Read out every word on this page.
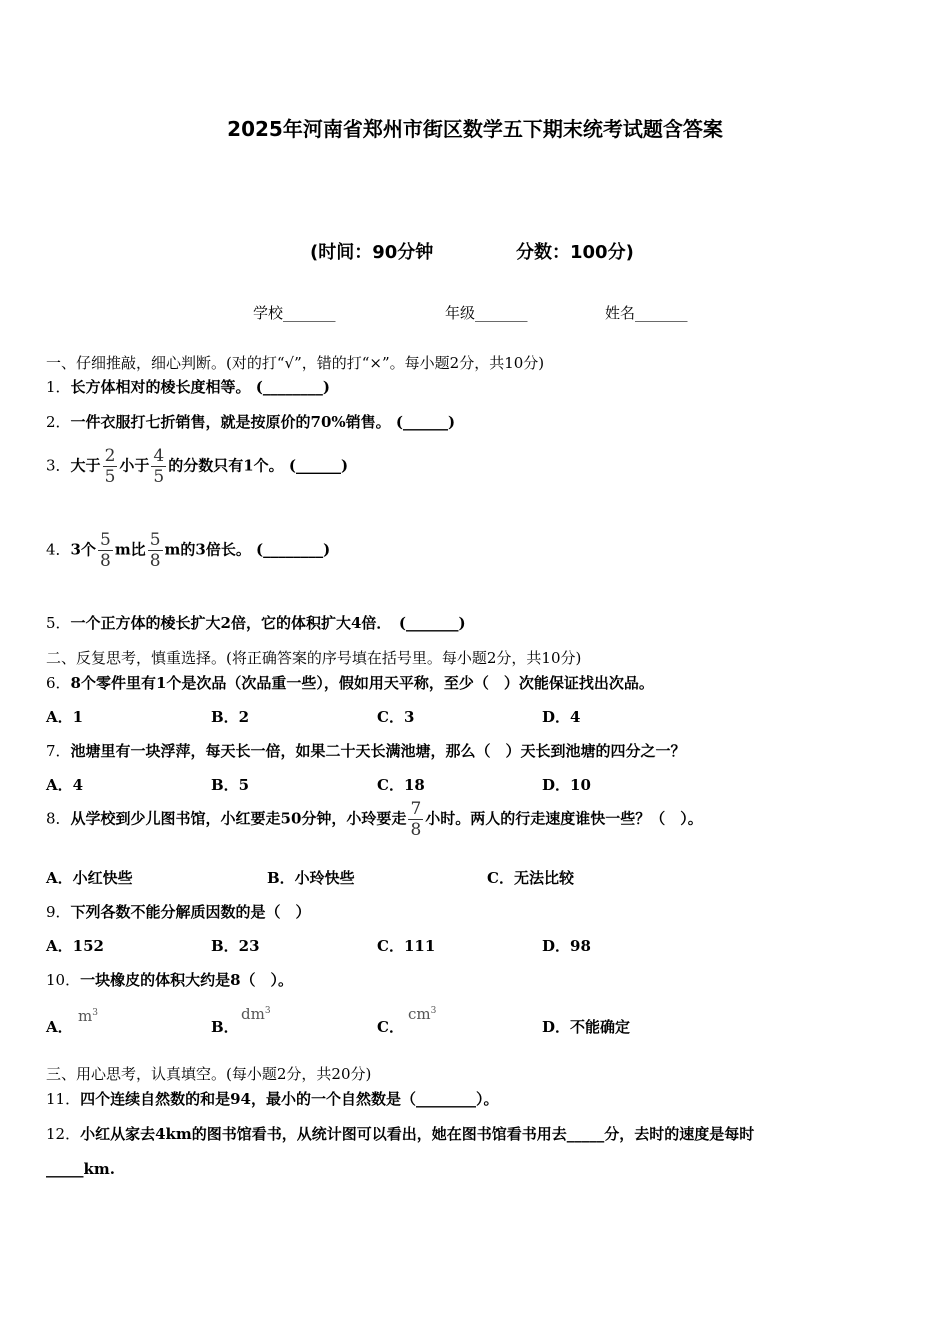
2025年河南省郑州市街区数学五下期末统考试题含答案
(时间：90分钟	分数：100分)
学校_______	年级_______	姓名_______
一、仔细推敲，细心判断。(对的打“√”，错的打“×”。每小题2分，共10分)
1．长方体相对的棱长度相等。 (________)
2．一件衣服打七折销售，就是按原价的70%销售。 (______)
3．大于 $\frac{2}{5}$ 小于 $\frac{4}{5}$ 的分数只有1个。 (______)
4．3个 $\frac{5}{8}$ m比 $\frac{5}{8}$ m的3倍长。 (________)
5．一个正方体的棱长扩大2倍，它的体积扩大4倍．　(_______)
二、反复思考，慎重选择。(将正确答案的序号填在括号里。每小题2分，共10分)
6．8个零件里有1个是次品（次品重一些），假如用天平称，至少（　）次能保证找出次品。
A．1	B．2	C．3	D．4
7．池塘里有一块浮萍，每天长一倍，如果二十天长满池塘，那么（　）天长到池塘的四分之一？
A．4	B．5	C．18	D．10
8．从学校到少儿图书馆，小红要走50分钟，小玲要走 $\frac{7}{8}$ 小时。两人的行走速度谁快一些？（　）。
A．小红快些	B．小玲快些	C．无法比较
9．下列各数不能分解质因数的是（　）
A．152	B．23	C．111	D．98
10．一块橡皮的体积大约是8（　）。
A．
$m^3$
B．
$dm^3$
C．
$cm^3$
D．不能确定
三、用心思考，认真填空。(每小题2分，共20分)
11．四个连续自然数的和是94，最小的一个自然数是（________）。
12．小红从家去4km的图书馆看书，从统计图可以看出，她在图书馆看书用去_____分，去时的速度是每时
_____km.
